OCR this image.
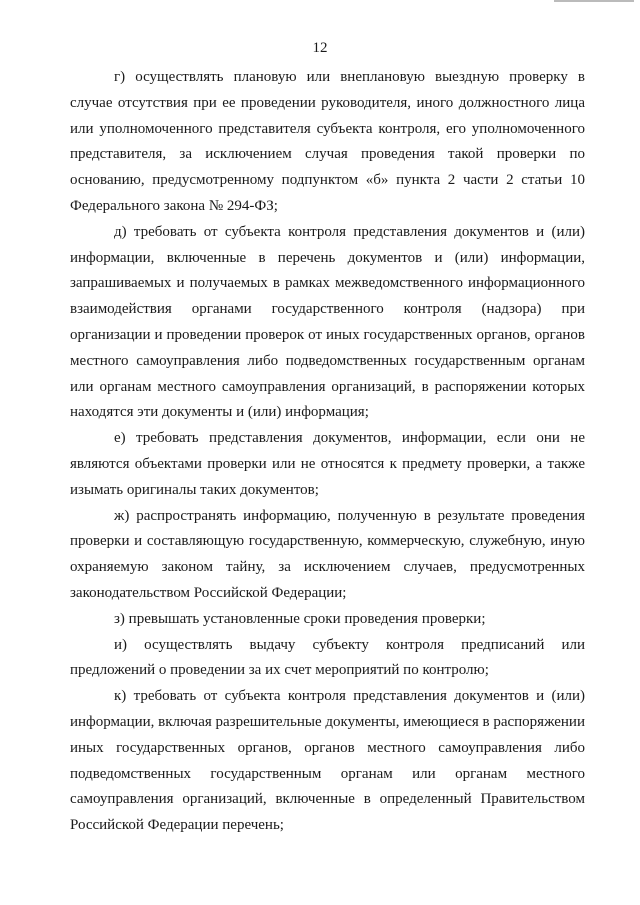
12

г) осуществлять плановую или внеплановую выездную проверку в случае отсутствия при ее проведении руководителя, иного должностного лица или уполномоченного представителя субъекта контроля, его уполномоченного представителя, за исключением случая проведения такой проверки по основанию, предусмотренному подпунктом «б» пункта 2 части 2 статьи 10 Федерального закона № 294-ФЗ;

д) требовать от субъекта контроля представления документов и (или) информации, включенные в перечень документов и (или) информации, запрашиваемых и получаемых в рамках межведомственного информационного взаимодействия органами государственного контроля (надзора) при организации и проведении проверок от иных государственных органов, органов местного самоуправления либо подведомственных государственным органам или органам местного самоуправления организаций, в распоряжении которых находятся эти документы и (или) информация;

е) требовать представления документов, информации, если они не являются объектами проверки или не относятся к предмету проверки, а также изымать оригиналы таких документов;

ж) распространять информацию, полученную в результате проведения проверки и составляющую государственную, коммерческую, служебную, иную охраняемую законом тайну, за исключением случаев, предусмотренных законодательством Российской Федерации;

з) превышать установленные сроки проведения проверки;

и) осуществлять выдачу субъекту контроля предписаний или предложений о проведении за их счет мероприятий по контролю;

к) требовать от субъекта контроля представления документов и (или) информации, включая разрешительные документы, имеющиеся в распоряжении иных государственных органов, органов местного самоуправления либо подведомственных государственным органам или органам местного самоуправления организаций, включенные в определенный Правительством Российской Федерации перечень;
